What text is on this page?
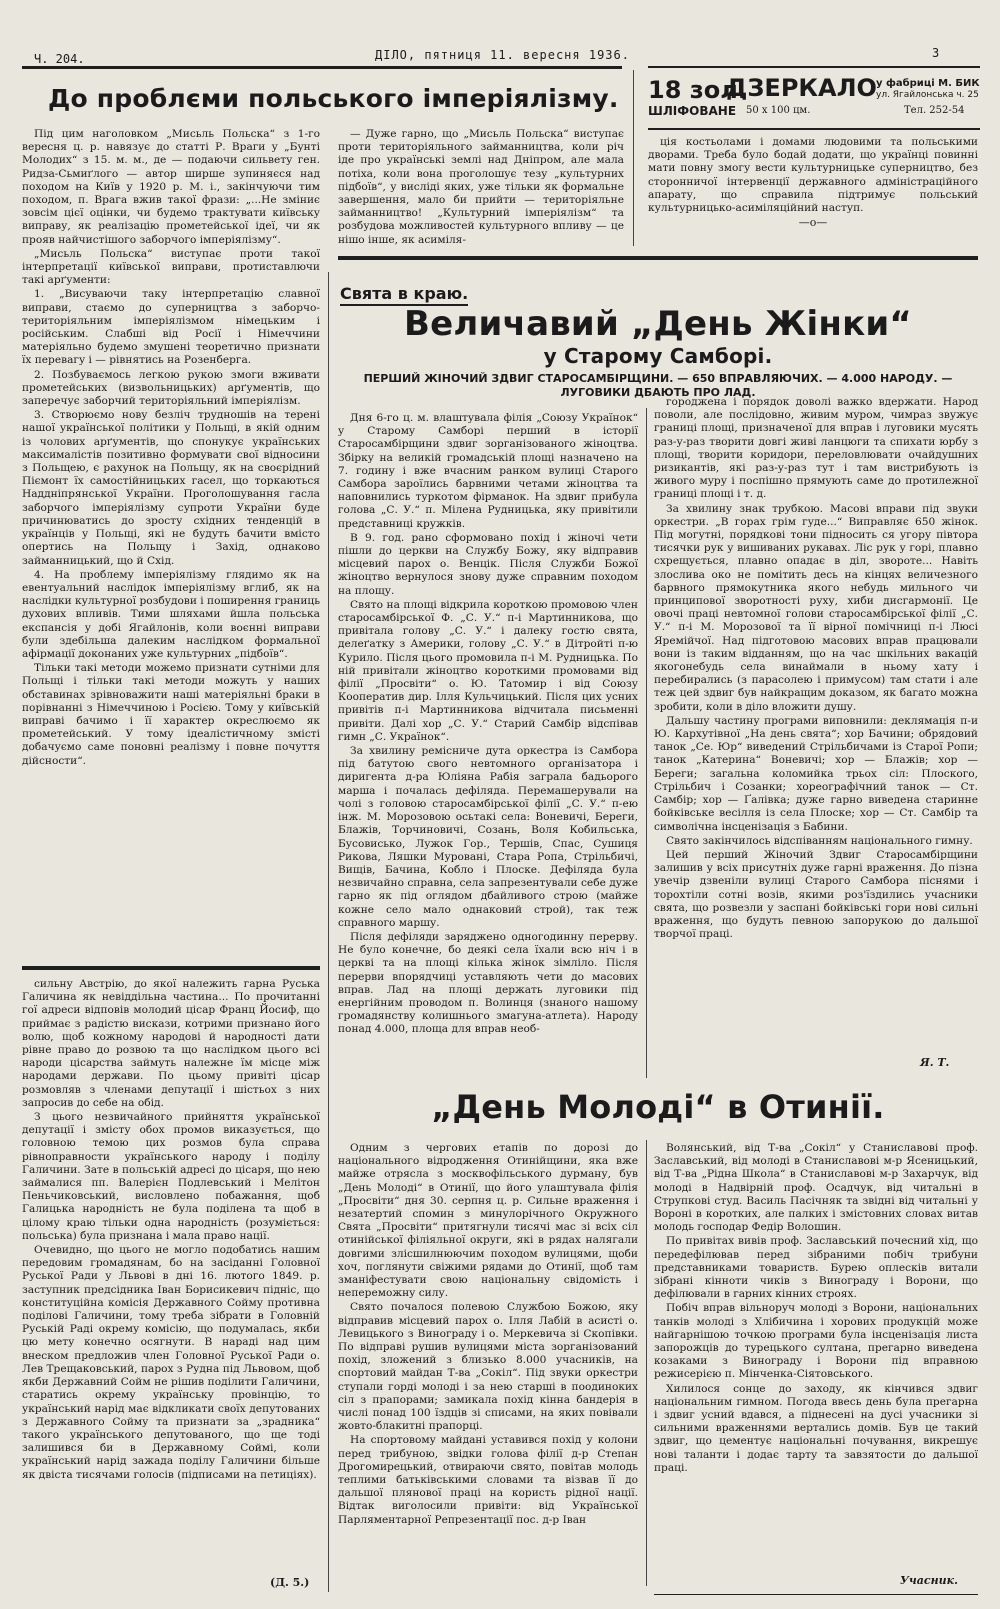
Ч. 204.	ДІЛО, пятниця 11. вересня 1936.	3
18 зол.
ДЗЕРКАЛО у фабриці М. БИК
ул. Ягайлонська ч. 25
ШЛІФОВАНЕ 50 x 100 цм.	Тел. 252-54
До проблєми польського імперіялізму.

Під цим наголовком „Мисьль Польска“ з 1-го вересня ц. р. навязує до статті Р. Враги у „Бунті Молодих“ з 15. м. м., де — подаючи сильвету ген. Ридза-Сьмиґлого — автор ширше зупиняєся над походом на Київ у 1920 р. М. і., закінчуючи тим походом, п. Врага вжив такої фрази: „...Не зміниє зовсім цієї оцінки, чи будемо трактувати київську виправу, як реалізацію прометейської ідеї, чи як прояв найчистішого заборчого імперіялізму“.

„Мисьль Польска“ виступає проти такої інтерпретації київської виправи, протиставлючи такі арґументи:

1. „Висуваючи таку інтерпретацію славної виправи, стаємо до суперництва з заборчо-територіяльним імперіялізмом німецьким і російським. Слабші від Росії і Німеччини матеріяльно будемо змушені теоретично признати їх перевагу і — рівнятись на Розенберга.

2. Позбуваємось легкою рукою змоги вживати прометейських (визвольницьких) арґументів, що заперечує заборчий територіяльний імперіялізм.

3. Створюємо нову безліч трудношів на терені нашої української політики у Польщі, в якій одним із чолових арґументів, що спонукує українських максималістів позитивно формувати свої відносини з Польщею, є рахунок на Польщу, як на своєрідний Піємонт їх самостійницьких гасел, що торкаються Наддніпрянської України. Проголошування гасла заборчого імперіялізму супроти України буде причинюватись до зросту східних тенденцій в українців у Польщі, які не будуть бачити вмісто опертись на Польщу і Захід, однаково займанницький, що й Схід.

4. На проблему імперіялізму глядимо як на евентуальний наслідок імперіялізму вглиб, як на наслідки культурної розбудови і поширення границь духових впливів. Тими шляхами йшла польська експансія у добі Ягайлонів, коли воєнні виправи були здебільша далеким наслідком формальної афірмації доконаних уже культурних „підбоїв“.

Тільки такі методи можемо признати сутніми для Польщі і тільки такі методи можуть у наших обставинах зрівноважити наші матеріяльні браки в порівнанні з Німеччиною і Росією. Тому у київській виправі бачимо і її характер окреслюємо як прометейський. У тому ідеалістичному змісті добачуємо саме поновні реалізму і повне почуття дійсности“.

— Дуже гарно, що „Мисьль Польска“ виступає проти територіяльного займанництва, коли річ іде про українські землі над Дніпром, але мала потіха, коли вона проголошує тезу „культурних підбоїв“, у висліді яких, уже тільки як формальне завершення, мало би прийти — територіяльне займанництво! „Культурний імперіялізм“ та розбудова можливостей культурного впливу — це нішо інше, як асиміля-

ція костьолами і домами людовими та польськими дворами. Треба було бодай додати, що українці повинні мати повну змогу вести культурницьке суперництво, без сторонничої інтервенції державного адміністраційного апарату, що справила підтримує польський культурницько-асиміляційний наступ.

—о—
Свята в краю.
Величавий „День Жінки“
у Старому Самборі.
ПЕРШИЙ ЖІНОЧИЙ ЗДВИГ СТАРОСАМБІРЩИНИ. — 650 ВПРАВЛЯЮЧИХ. — 4.000 НАРОДУ. — ЛУГОВИКИ ДБАЮТЬ ПРО ЛАД.

Дня 6-го ц. м. влаштувала філія „Союзу Українок“ у Старому Самборі перший в історії Старосамбірщини здвиг зорганізованого жіноцтва. Збірку на великій громадській площі назначено на 7. годину і вже вчасним ранком вулиці Старого Самбора зароїлись барвними четами жіноцтва та наповнились туркотом фірманок. На здвиг прибула голова „С. У.“ п. Мілена Рудницька, яку привітили представниці кружків.

В 9. год. рано сформовано похід і жіночі чети пішли до церкви на Службу Божу, яку відправив місцевий парох о. Венцік. Після Служби Божої жіноцтво вернулося знову дуже справним походом на площу.

Свято на площі відкрила короткою промовою член старосамбірської Ф. „С. У.“ п-і Мартинникова, що привітала голову „С. У.“ і далеку гостю свята, делеґатку з Америки, голову „С. У.“ в Дітройті п-ю Курило. Після цього промовила п-і М. Рудницька. По ній привітали жіноцтво короткими промовами від філії „Просвіти“ о. Ю. Татомир і від Союзу Кооператив дир. Ілля Кульчицький. Після цих усних привітів п-і Мартинникова відчитала письменні привіти. Далі хор „С. У.“ Старий Самбір відспівав гимн „С. Українок“.

За хвилину ремісниче дута оркестра із Самбора під батутою свого невтомного організатора і диригента д-ра Юліяна Рабія заграла бадьорого марша і почалась дефіляда. Перемашерували на чолі з головою старосамбірської філії „С. У.“ п-ею інж. М. Морозовою осьтакі села: Воневичі, Береги, Блажів, Торчиновичі, Созань, Воля Кобильська, Бусовисько, Лужок Гор., Тершів, Спас, Сушиця Рикова, Ляшки Муровані, Стара Ропа, Стрільбичі, Вищів, Бачина, Кобло і Плоске. Дефіляда була незвичайно справна, села запрезентували себе дуже гарно як під оглядом дбайливого строю (майже кожне село мало однаковий строй), так теж справного маршу.

Після дефіляди зарядженo одногодинну перерву. Не було конечне, бо деякі села їхали всю ніч і в церкві та на площі кілька жінок зімліло. Після перерви впорядчиці уставляють чети до масових вправ. Лад на площі держать луговики під енергійним проводом п. Волинця (знаного нашому громадянству колишнього змагуна-атлета). Народу понад 4.000, площа для вправ необ-

городжена і порядок доволі важко вдержати. Народ поволи, але послідовно, живим муром, чимраз звужує границі площі, призначеної для вправ і луговики мусять раз-у-раз творити довгі живі ланцюги та спихати юрбу з площі, творити коридори, переловлювати очайдушних ризикантів, які раз-у-раз тут і там вистрибують із живого муру і поспішно прямують саме до протилежної границі площі і т. д.

За хвилину знак трубкою. Масові вправи під звуки оркестри. „В горах грім гуде...“ Виправляє 650 жінок. Під могутні, порядкові тони підносить ся угору півтора тисячки рук у вишиваних рукавах. Ліс рук у горі, плавно схрещується, плавно опадає в діл, звороте... Навіть злослива око не помітить десь на кінцях величезного барвного прямокутника якого небудь мильного чи принципової зворотності руху, хиби дисгармонії. Це овочі праці невтомної голови старосамбірської філії „С. У.“ п-і М. Морозової та її вірної помічниці п-і Люсі Яремійчої. Над підготовою масових вправ працювали вони із таким відданням, що на час шкільних вакацій якогонебудь села винаймали в ньому хату і перебирались (з парасолею і примусом) там стати і але теж цей здвиг був найкращим доказом, як багато можна зробити, коли в діло вложити душу.

Дальшу частину програми виповнили: деклямація п-и Ю. Кархутівної „На день свята“; хор Бачини; обрядовий танок „Се. Юр“ виведений Стрільбичами із Старої Ропи; танок „Катерина“ Воневичі; хор — Блажів; хор — Береги; загальна коломийка трьох сіл: Плоского, Стрільбич і Созанки; хореографічний танок — Ст. Самбір; хор — Ґалівка; дуже гарно виведена старинне бойківське весілля із села Плоске; хор — Ст. Самбір та символічна інсценізація з Бабини.

Свято закінчилось відспіванням національного гимну.

Цей перший Жіночий Здвиг Старосамбірщини залишив у всіх присутніх дуже гарні враження. До пізна увечір дзвеніли вулиці Старого Самбора піснями і торохтіли сотні возів, якими роз'їздились учасники свята, що розвезли у заспані бойківські гори нові сильні враження, що будуть певною запорукою до дальшої творчої праці.

Я. Т.

сильну Австрію, до якої належить гарна Руська Галичина як невіддільна частина... По прочитанні гої адреси відповів молодий цісар Франц Йосиф, що приймає з радістю вискази, котрими признано його волю, щоб кожному народові й народності дати рівне право до розвою та що наслідком цього всі народи цісарства займуть належне їм місце між народами держави. По цьому привіті цісар розмовляв з членами депутації і шістьох з них запросив до себе на обід.

З цього незвичайного прийняття української депутації і змісту обох промов виказується, що головною темою цих розмов була справа рівноправности українського народу і поділу Галичини. Зате в польській адресі до цісаря, що нею займалися пп. Валерієн Подлевський і Мелітон Пеньчиковський, висловлено побажання, щоб Галицька народність не була поділена та щоб в цілому краю тільки одна народність (розуміється: польська) була признана і мала право нації.

Очевидно, що цього не могло подобатись нашим передовим громадянам, бо на засіданні Головної Руської Ради у Львові в дні 16. лютого 1849. р. заступник предсідника Іван Борисикевич підніс, що конституційна комісія Державного Сойму противна поділові Галичини, тому треба зібрати в Головній Руській Раді окрему комісію, що подумалась, якби цю мету конечно осягнути. В нараді над цим внеском предложив член Головної Руської Ради о. Лев Трещаковський, парох з Рудна під Львовом, щоб якби Державний Сойм не рішив поділити Галичини, старатись окрему українську провінцію, то український нарід має відкликати своїх депутованих з Державного Сойму та признати за „зрадника“ такого українського депутованого, що ще тоді залишився би в Державному Соймі, коли український нарід зажада поділу Галичини більше як двіста тисячами голосів (підписами на петиціях).

(Д. 5.)
„День Молоді“ в Отинії.

Одним з чергових етапів по дорозі до національного відродження Отинійщини, яка вже майже отрясла з москвофільського дурману, був „День Молоді“ в Отинії, що його улаштувала філія „Просвіти“ дня 30. серпня ц. р. Сильне враження і незатертий спомин з минулорічного Окружного Свята „Просвіти“ притягнули тисячі мас зі всіх сіл отинійської філіяльної округи, які в рядах налягали довгими злісшилнюючим походом вулицями, щоби хоч, поглянути свіжими рядами до Отинії, щоб там зманіфестувати свою національну свідомість і непереможну силу.

Свято почалося полевою Службою Божою, яку відправив місцевий парох о. Ілля Лабій в асисті о. Левицького з Винограду і о. Меркевича зі Скопівки. По відправі рушив вулицями міста зорганізований похід, зложений з близько 8.000 учасників, на спортовий майдан Т-ва „Сокіл“. Під звуки оркестри ступали горді молоді і за нею старші в поодиноких сіл з прапорами; замикала похід кінна бандерія в числі понад 100 їздців зі списами, на яких повівали жовто-блакитні прапорці.

На спортовому майдані уставився похід у колони перед трибуною, звідки голова філії д-р Степан Дрогомирецький, отвираючи свято, повітав молодь теплими батьківськими словами та візвав її до дальшої плянової праці на користь рідної нації. Відтак виголосили привіти: від Української Парляментарної Репрезентації пос. д-р Іван

Волянський, від Т-ва „Сокіл“ у Станиславові проф. Заславський, від молоді в Станиславові м-р Ясеницький, від Т-ва „Рідна Школа“ в Станиславові м-р Захарчук, від молоді в Надвірній проф. Осадчук, від читальні в Струпкові студ. Василь Пасічняк та звідні від читальні у Вороні в коротких, але палких і змістовних словах витав молодь господар Федір Волошин.

По привітах вивів проф. Заславський почесний хід, що передефілював перед зібраними побіч трибуни представниками товариств. Бурею оплесків витали зібрані кінноти чиків з Винограду і Ворони, що дефілювали в гарних кінних строях.

Побіч вправ вільноруч молоді з Ворони, національних танків молоді з Хлібичина і хорових продукцій може найгарнішою точкою програми була інсценізація листа запорожців до турецького султана, прегарно виведена козаками з Винограду і Ворони під вправною режисерією п. Мінченка-Сіятовського.

Хилилося сонце до заходу, як кінчився здвиг національним гимном. Погода ввесь день була прегарна і здвиг усний вдався, а піднесені на дусі учасники зі сильними враженнями вертались домів. Був це такий здвиг, що цементує національні почування, викрешує нові таланти і додає тарту та завзятости до дальшої праці.

Учасник.
